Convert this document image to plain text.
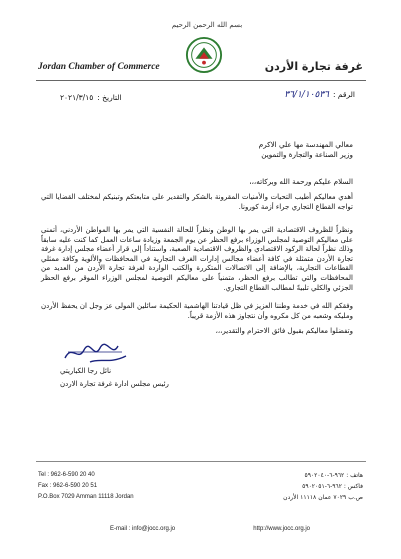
بسم الله الرحمن الرحيم
Jordan Chamber of Commerce	غرفة تجارة الأردن
الرقم :
٣٦/١/١٠٥٣٦
التاريخ :
٢٠٢١/٣/١٥
معالي المهندسة مها علي الاكرم
وزير الصناعة والتجارة والتموين
السلام عليكم ورحمة الله وبركاته،،،
أهدي معاليكم أطيب التحيات والأمنيات المقرونة بالشكر والتقدير على متابعتكم وتبنيكم لمختلف القضايا التي تواجه القطاع التجاري جراء أزمة كورونا.
ونظراً للظروف الاقتصادية التي يمر بها الوطن ونظراً للحالة النفسية التي يمر بها المواطن الأردني، أتمنى على معاليكم التوصية لمجلس الوزراء برفع الحظر عن يوم الجمعة وزيادة ساعات العمل كما كنت عليه سابقاً وذلك نظراً لحالة الركود الاقتصادي والظروف الاقتصادية الصعبة، واستناداً إلى قرار أعضاء مجلس إدارة غرفة تجارة الأردن متمثلة في كافة أعضاء مجالس إدارات الغرف التجارية في المحافظات والألوية وكافة ممثلي القطاعات التجارية، بالإضافة إلى الاتصالات المتكررة والكتب الواردة لغرفة تجارة الأردن من العديد من المحافظات والتي تطالب برفع الحظر، متمنياً على معاليكم التوصية لمجلس الوزراء الموقر برفع الحظر الجزئي والكلي تلبيةً لمطالب القطاع التجاري.
وفقكم الله في خدمة وطننا العزيز في ظل قيادتنا الهاشمية الحكيمة سائلين المولى عز وجل ان يحفظ الأردن ومليكه وشعبه من كل مكروه وأن نتجاوز هذه الأزمة قريباً.
وتفضلوا معاليكم بقبول فائق الاحترام والتقدير،،،
نائل رجا الكباريتي
رئيس مجلس ادارة غرفة تجارة الاردن
Tel : 962-6-590 20 40
Fax : 962-6-590 20 51
P.O.Box 7029 Amman 11118 Jordan
هاتف : ٩٦٢-٦-٥٩٠٢٠٤٠
فاكس : ٩٦٢-٦-٥٩٠٢٠٥١
ص.ب ٧٠٢٩ عمان ١١١١٨ الأردن
E-mail : info@jocc.org.jo	http://www.jocc.org.jo
